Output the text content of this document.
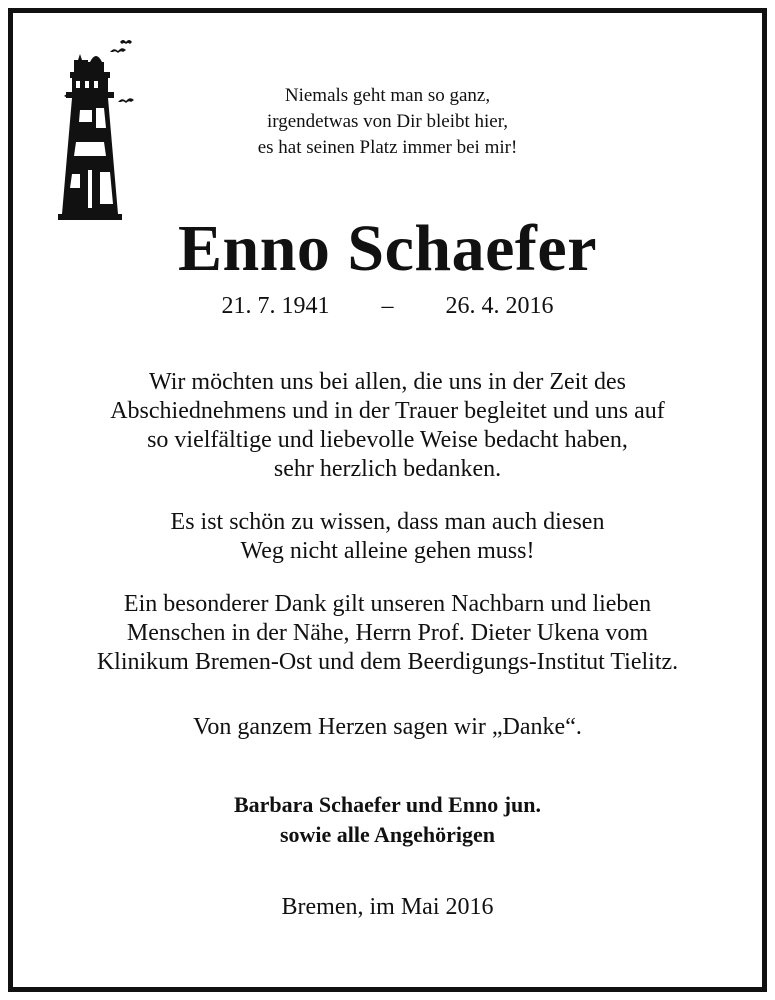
Niemals geht man so ganz,
irgendetwas von Dir bleibt hier,
es hat seinen Platz immer bei mir!
Enno Schaefer
21. 7. 1941 – 26. 4. 2016
Wir möchten uns bei allen, die uns in der Zeit des
Abschiednehmens und in der Trauer begleitet und uns auf
so vielfältige und liebevolle Weise bedacht haben,
sehr herzlich bedanken.
Es ist schön zu wissen, dass man auch diesen
Weg nicht alleine gehen muss!
Ein besonderer Dank gilt unseren Nachbarn und lieben
Menschen in der Nähe, Herrn Prof. Dieter Ukena vom
Klinikum Bremen-Ost und dem Beerdigungs-Institut Tielitz.
Von ganzem Herzen sagen wir „Danke“.
Barbara Schaefer und Enno jun.
sowie alle Angehörigen
Bremen, im Mai 2016
